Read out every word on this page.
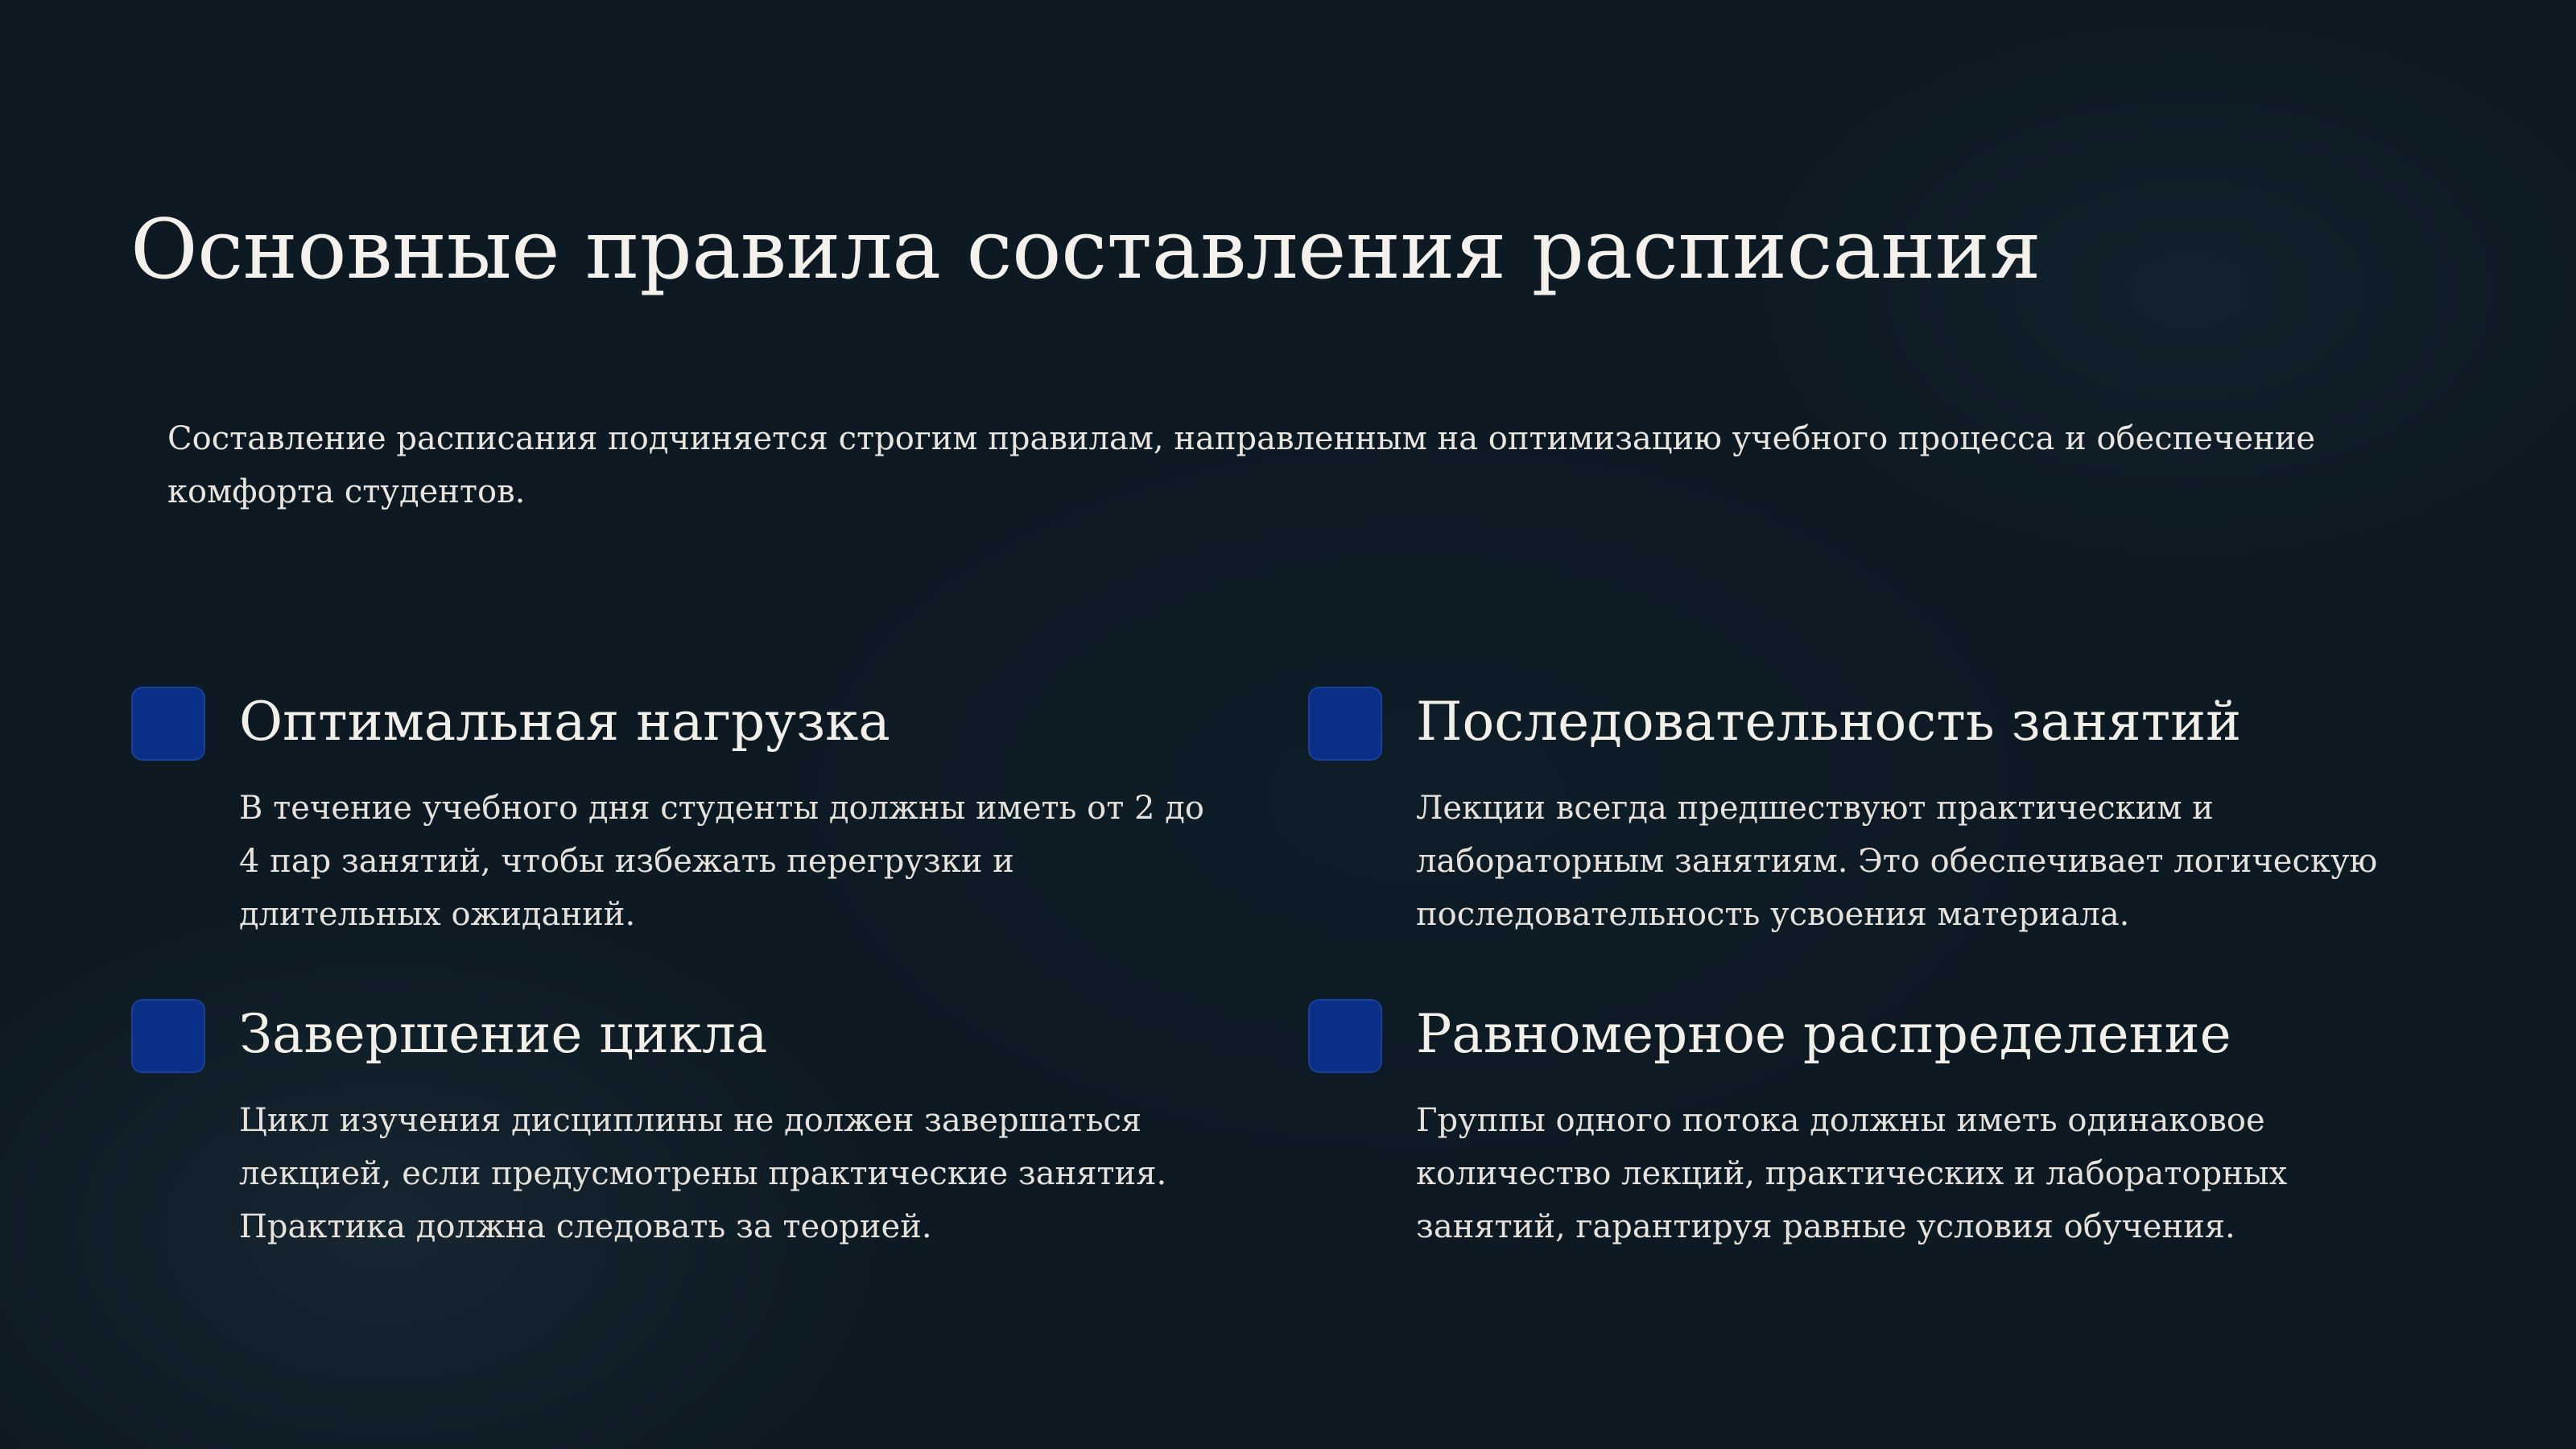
Основные правила составления расписания

Составление расписания подчиняется строгим правилам, направленным на оптимизацию учебного процесса и обеспечение комфорта студентов.

Оптимальная нагрузка

В течение учебного дня студенты должны иметь от 2 до 4 пар занятий, чтобы избежать перегрузки и длительных ожиданий.

Последовательность занятий

Лекции всегда предшествуют практическим и лабораторным занятиям. Это обеспечивает логическую последовательность усвоения материала.

Завершение цикла

Цикл изучения дисциплины не должен завершаться лекцией, если предусмотрены практические занятия. Практика должна следовать за теорией.

Равномерное распределение

Группы одного потока должны иметь одинаковое количество лекций, практических и лабораторных занятий, гарантируя равные условия обучения.
